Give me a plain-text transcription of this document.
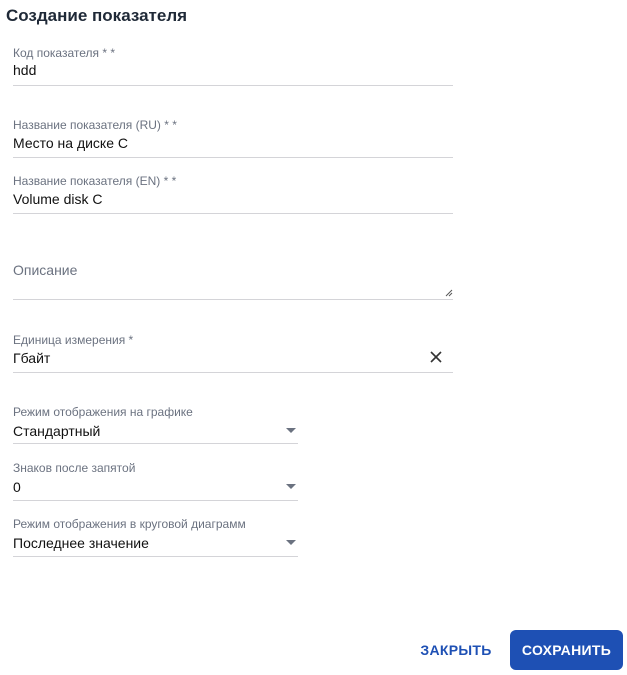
Создание показателя
Код показателя * *
hdd
Название показателя (RU) * *
Место на диске C
Название показателя (EN) * *
Volume disk C
Описание
Единица измерения *
Гбайт
Режим отображения на графике
Стандартный
Знаков после запятой
0
Режим отображения в круговой диаграмм
Последнее значение
ЗАКРЫТЬ	СОХРАНИТЬ
